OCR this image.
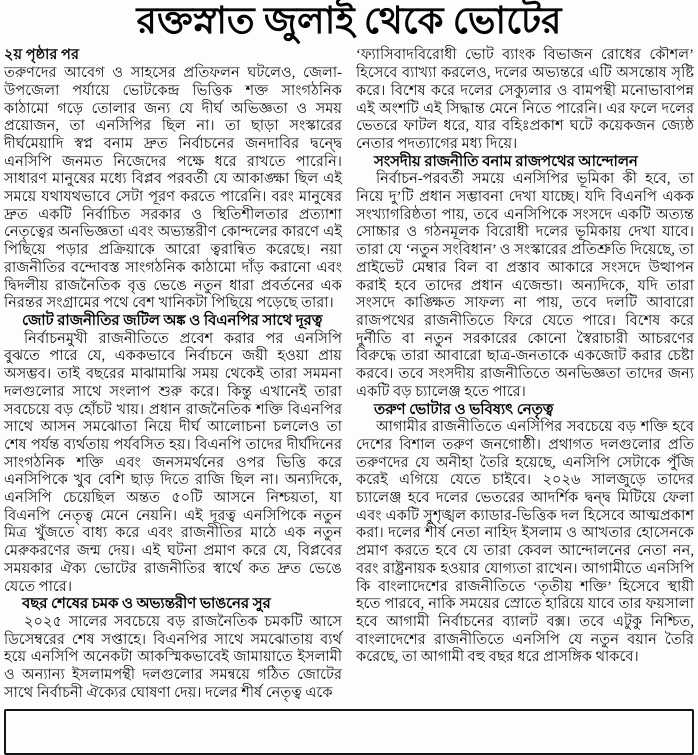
রক্তস্নাত জুলাই থেকে ভোটের

২য় পৃষ্ঠার পর

তরুণদের আবেগ ও সাহসের প্রতিফলন ঘটলেও, জেলা-উপজেলা পর্যায়ে ভোটকেন্দ্র ভিত্তিক শক্ত সাংগঠনিক কাঠামো গড়ে তোলার জন্য যে দীর্ঘ অভিজ্ঞতা ও সময় প্রয়োজন, তা এনসিপির ছিল না। তা ছাড়া সংস্কারের দীর্ঘমেয়াদি স্বপ্ন বনাম দ্রুত নির্বাচনের জনদাবির দ্বন্দ্বে এনসিপি জনমত নিজেদের পক্ষে ধরে রাখতে পারেনি। সাধারণ মানুষের মধ্যে বিপ্লব পরবর্তী যে আকাঙ্ক্ষা ছিল এই সময়ে যথাযথভাবে সেটা পূরণ করতে পারেনি। বরং মানুষের দ্রুত একটি নির্বাচিত সরকার ও স্থিতিশীলতার প্রত্যাশা নেতৃত্বের অনভিজ্ঞতা এবং অভ্যন্তরীণ কোন্দলের কারণে এই পিছিয়ে পড়ার প্রক্রিয়াকে আরো ত্বরান্বিত করেছে। নয়া রাজনীতির বন্দোবস্ত সাংগঠনিক কাঠামো দাঁড় করানো এবং দ্বিদলীয় রাজনৈতিক বৃত্ত ভেঙে নতুন ধারা প্রবর্তনের এক নিরন্তর সংগ্রামের পথে বেশ খানিকটা পিছিয়ে পড়েছে তারা।

জোট রাজনীতির জটিল অঙ্ক ও বিএনপির সাথে দূরত্ব

নির্বাচনমুখী রাজনীতিতে প্রবেশ করার পর এনসিপি বুঝতে পারে যে, এককভাবে নির্বাচনে জয়ী হওয়া প্রায় অসম্ভব। তাই বছরের মাঝামাঝি সময় থেকেই তারা সমমনা দলগুলোর সাথে সংলাপ শুরু করে। কিন্তু এখানেই তারা সবচেয়ে বড় হোঁচট খায়। প্রধান রাজনৈতিক শক্তি বিএনপির সাথে আসন সমঝোতা নিয়ে দীর্ঘ আলোচনা চললেও তা শেষ পর্যন্ত ব্যর্থতায় পর্যবসিত হয়। বিএনপি তাদের দীর্ঘদিনের সাংগঠনিক শক্তি এবং জনসমর্থনের ওপর ভিত্তি করে এনসিপিকে খুব বেশি ছাড় দিতে রাজি ছিল না। অন্যদিকে, এনসিপি চেয়েছিল অন্তত ৫০টি আসনে নিশ্চয়তা, যা বিএনপি নেতৃত্ব মেনে নেয়নি। এই দূরত্ব এনসিপিকে নতুন মিত্র খুঁজতে বাধ্য করে এবং রাজনীতির মাঠে এক নতুন মেরুকরণের জন্ম দেয়। এই ঘটনা প্রমাণ করে যে, বিপ্লবের সময়কার ঐক্য ভোটের রাজনীতির স্বার্থে কত দ্রুত ভেঙে যেতে পারে।

বছর শেষের চমক ও অভ্যন্তরীণ ভাঙনের সুর

২০২৫ সালের সবচেয়ে বড় রাজনৈতিক চমকটি আসে ডিসেম্বরের শেষ সপ্তাহে। বিএনপির সাথে সমঝোতায় ব্যর্থ হয়ে এনসিপি অনেকটা আকস্মিকভাবেই জামায়াতে ইসলামী ও অন্যান্য ইসলামপন্থী দলগুলোর সমন্বয়ে গঠিত জোটের সাথে নির্বাচনী ঐক্যের ঘোষণা দেয়। দলের শীর্ষ নেতৃত্ব একে

‘ফ্যাসিবাদবিরোধী ভোট ব্যাংক বিভাজন রোধের কৌশল’ হিসেবে ব্যাখ্যা করলেও, দলের অভ্যন্তরে এটি অসন্তোষ সৃষ্টি করে। বিশেষ করে দলের সেক্যুলার ও বামপন্থী মনোভাবাপন্ন এই অংশটি এই সিদ্ধান্ত মেনে নিতে পারেনি। এর ফলে দলের ভেতরে ফাটল ধরে, যার বহিঃপ্রকাশ ঘটে কয়েকজন জ্যেষ্ঠ নেতার পদত্যাগের মধ্য দিয়ে।

সংসদীয় রাজনীতি বনাম রাজপথের আন্দোলন

নির্বাচন-পরবর্তী সময়ে এনসিপির ভূমিকা কী হবে, তা নিয়ে দু’টি প্রধান সম্ভাবনা দেখা যাচ্ছে। যদি বিএনপি একক সংখ্যাগরিষ্ঠতা পায়, তবে এনসিপিকে সংসদে একটি অত্যন্ত সোচ্চার ও গঠনমূলক বিরোধী দলের ভূমিকায় দেখা যাবে। তারা যে ‘নতুন সংবিধান’ ও সংস্কারের প্রতিশ্রুতি দিয়েছে, তা প্রাইভেট মেম্বার বিল বা প্রস্তাব আকারে সংসদে উত্থাপন করাই হবে তাদের প্রধান এজেন্ডা। অন্যদিকে, যদি তারা সংসদে কাঙ্ক্ষিত সাফল্য না পায়, তবে দলটি আবারো রাজপথের রাজনীতিতে ফিরে যেতে পারে। বিশেষ করে দুর্নীতি বা নতুন সরকারের কোনো স্বৈরাচারী আচরণের বিরুদ্ধে তারা আবারো ছাত্র-জনতাকে একজোট করার চেষ্টা করবে। তবে সংসদীয় রাজনীতিতে অনভিজ্ঞতা তাদের জন্য একটি বড় চ্যালেঞ্জ হতে পারে।

তরুণ ভোটার ও ভবিষ্যৎ নেতৃত্ব

আগামীর রাজনীতিতে এনসিপির সবচেয়ে বড় শক্তি হবে দেশের বিশাল তরুণ জনগোষ্ঠী। প্রথাগত দলগুলোর প্রতি তরুণদের যে অনীহা তৈরি হয়েছে, এনসিপি সেটাকে পুঁজি করেই এগিয়ে যেতে চাইবে। ২০২৬ সালজুড়ে তাদের চ্যালেঞ্জ হবে দলের ভেতরের আদর্শিক দ্বন্দ্ব মিটিয়ে ফেলা এবং একটি সুশৃঙ্খল ক্যাডার-ভিত্তিক দল হিসেবে আত্মপ্রকাশ করা। দলের শীর্ষ নেতা নাহিদ ইসলাম ও আখতার হোসেনকে প্রমাণ করতে হবে যে তারা কেবল আন্দোলনের নেতা নন, বরং রাষ্ট্রনায়ক হওয়ার যোগ্যতা রাখেন। আগামীতে এনসিপি কি বাংলাদেশের রাজনীতিতে ‘তৃতীয় শক্তি’ হিসেবে স্থায়ী হতে পারবে, নাকি সময়ের স্রোতে হারিয়ে যাবে তার ফয়সালা হবে আগামী নির্বাচনের ব্যালট বক্স। তবে এটুকু নিশ্চিত, বাংলাদেশের রাজনীতিতে এনসিপি যে নতুন বয়ান তৈরি করেছে, তা আগামী বহু বছর ধরে প্রাসঙ্গিক থাকবে।
